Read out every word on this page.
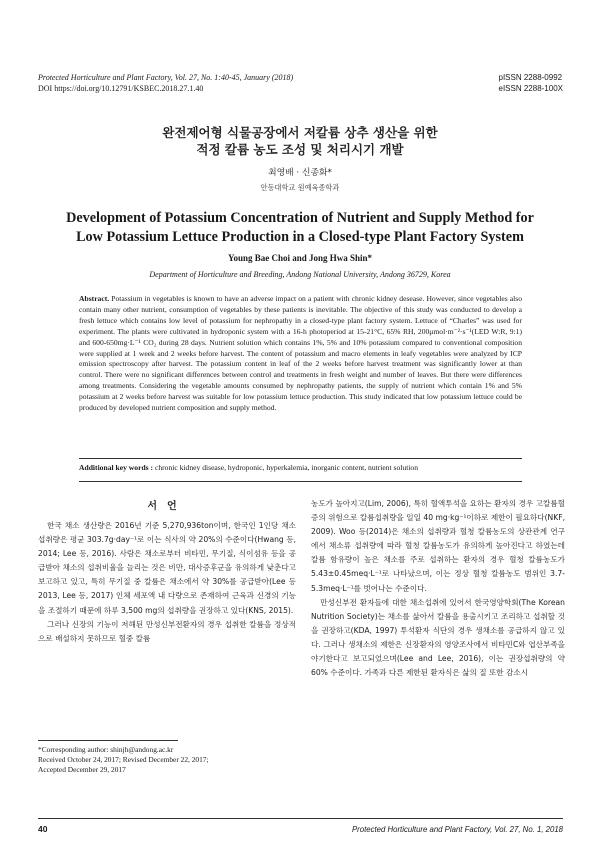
Protected Horticulture and Plant Factory, Vol. 27, No. 1:40-45, January (2018)
DOI https://doi.org/10.12791/KSBEC.2018.27.1.40
pISSN 2288-0992
eISSN 2288-100X
완전제어형 식물공장에서 저칼륨 상추 생산을 위한
적정 칼륨 농도 조성 및 처리시기 개발
최영배 · 신종화*
안동대학교 원예육종학과
Development of Potassium Concentration of Nutrient and Supply Method for
Low Potassium Lettuce Production in a Closed-type Plant Factory System
Young Bae Choi and Jong Hwa Shin*
Department of Horticulture and Breeding, Andong National University, Andong 36729, Korea
Abstract. Potassium in vegetables is known to have an adverse impact on a patient with chronic kidney desease. However, since vegetables also contain many other nutrient, consumption of vegetables by these patients is inevitable. The objective of this study was conducted to develop a fresh lettuce which contains low level of potassium for nephropathy in a closed-type plant factory system. Lettuce of “Charles” was used for experiment. The plants were cultivated in hydroponic system with a 16-h photoperiod at 15-21°C, 65% RH, 200μmol·m⁻²·s⁻¹(LED W:R, 9:1) and 600-650mg·L⁻¹ CO₂ during 28 days. Nutrient solution which contains 1%, 5% and 10% potassium compared to conventional composition were supplied at 1 week and 2 weeks before harvest. The content of potassium and macro elements in leafy vegetables were analyzed by ICP emission spectroscopy after harvest. The potassium content in leaf of the 2 weeks before harvest treatment was significantly lower at than control. There were no significant differences between control and treatments in fresh weight and number of leaves. But there were differences among treatments. Considering the vegetable amounts consumed by nephropathy patients, the supply of nutrient which contain 1% and 5% potassium at 2 weeks before harvest was suitable for low potassium lettuce production. This study indicated that low potassium lettuce could be produced by developed nutrient composition and supply method.
Additional key words : chronic kidney disease, hydroponic, hyperkalemia, inorganic content, nutrient solution
서언

한국 채소 생산량은 2016년 기준 5,270,936ton이며, 한국인 1인당 채소 섭취량은 평균 303.7g·day⁻¹로 이는 식사의 약 20%의 수준이다(Hwang 등, 2014; Lee 등, 2016). 사람은 채소로부터 비타민, 무기질, 식이섬유 등을 공급받아 채소의 섭취비율을 늘리는 것은 비만, 대사증후군을 유의하게 낮춘다고 보고하고 있고, 특히 무기질 중 칼륨은 채소에서 약 30%를 공급받아(Lee 등 2013, Lee 등, 2017) 인체 세포액 내 다량으로 존재하여 근육과 신경의 기능을 조절하기 때문에 하루 3,500 mg의 섭취량을 권장하고 있다(KNS, 2015).

그러나 신장의 기능이 저해된 만성신부전환자의 경우 섭취한 칼륨을 정상적으로 배설하지 못하므로 혈중 칼륨

농도가 높아지고(Lim, 2006), 특히 혈액투석을 요하는 환자의 경우 고칼륨혈증의 위험으로 칼륨섭취량을 일일 40 mg·kg⁻¹이하로 제한이 필요하다(NKF, 2009). Woo 등(2014)은 채소의 섭취량과 혈청 칼륨농도의 상관관계 연구에서 채소류 섭취량에 따라 혈청 칼륨농도가 유의하게 높아진다고 하였는데 칼륨 함유량이 높은 채소를 주로 섭취하는 환자의 경우 혈청 칼륨농도가 5.43±0.45meq·L⁻¹로 나타났으며, 이는 정상 혈청 칼륨농도 범위인 3.7-5.3meq·L⁻¹를 벗어나는 수준이다.

만성신부전 환자들에 대한 채소섭취에 있어서 한국영양학회(The Korean Nutrition Society)는 채소를 삶아서 칼륨을 용출시키고 조리하고 섭취할 것을 권장하고(KDA, 1997) 투석환자 식단의 경우 생채소를 공급하지 않고 있다. 그러나 생채소의 제한은 신장환자의 영양조사에서 비타민C와 엽산부족을 야기한다고 보고되었으며(Lee and Lee, 2016), 이는 권장섭취량의 약 60% 수준이다. 가족과 다른 제한된 환자식은 삶의 질 또한 감소시

*Corresponding author: shinjh@andong.ac.kr
Received October 24, 2017; Revised December 22, 2017;
Accepted December 29, 2017
40	Protected Horticulture and Plant Factory, Vol. 27, No. 1, 2018
